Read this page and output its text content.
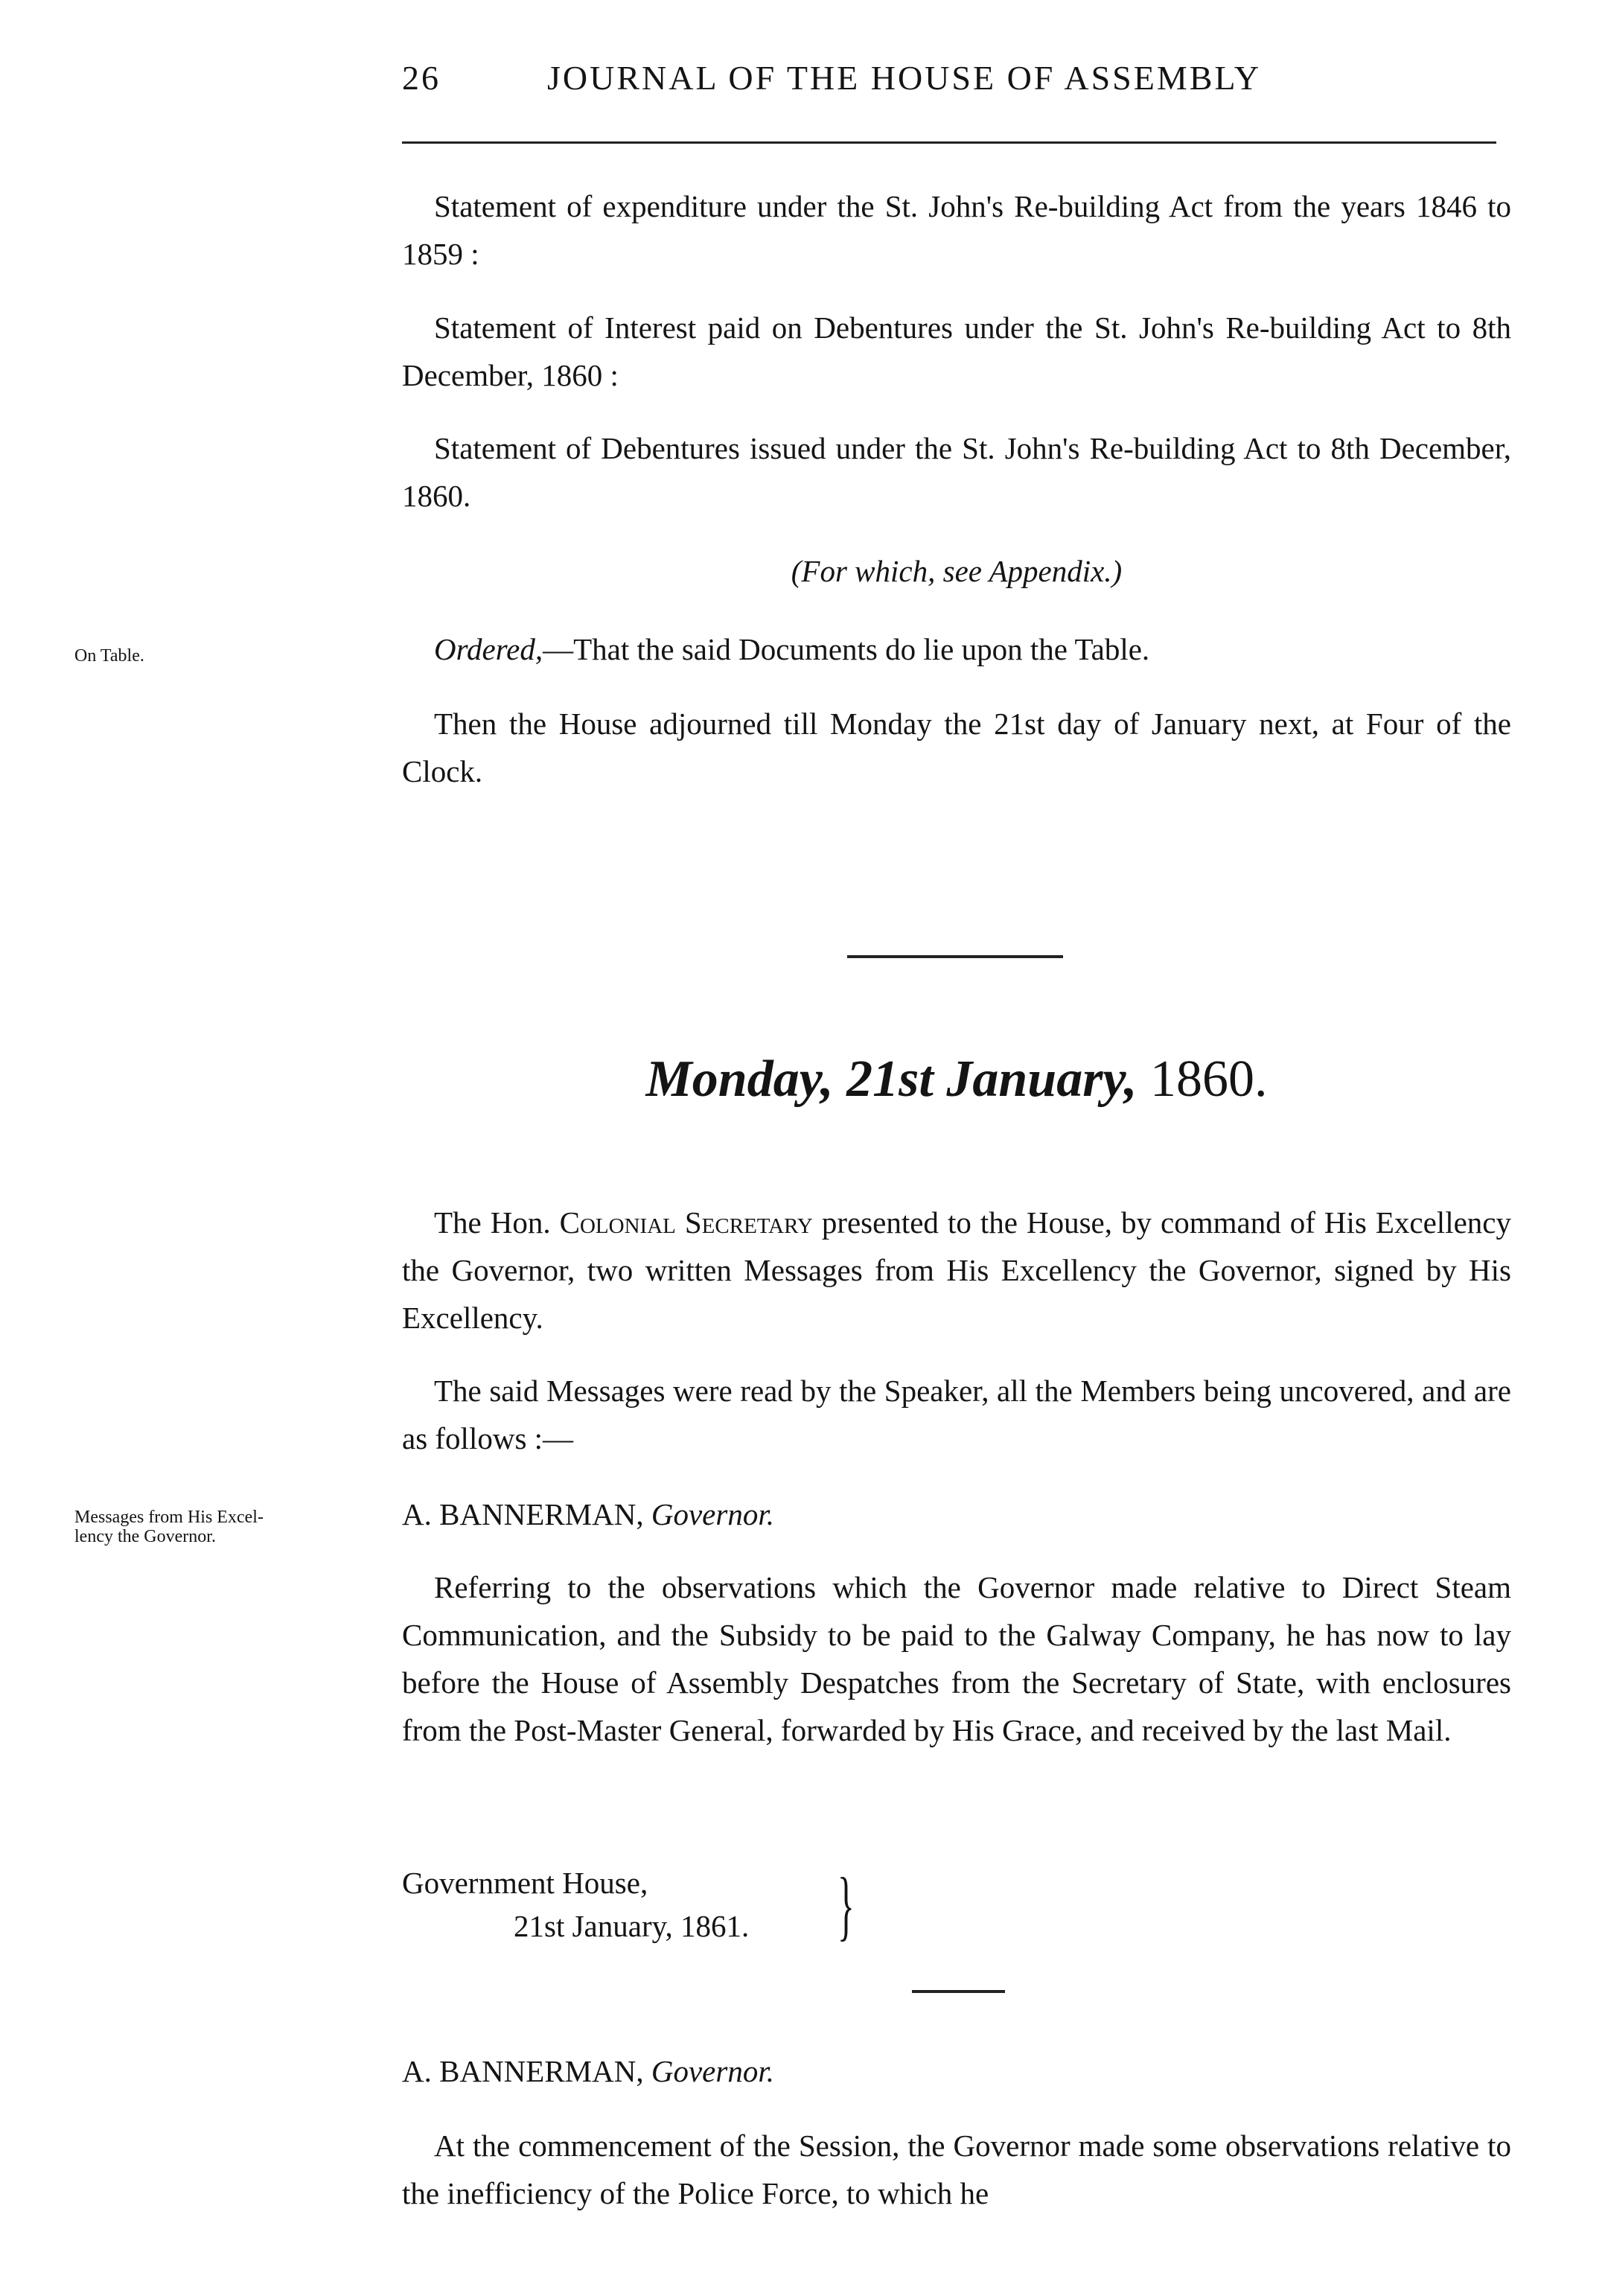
26	JOURNAL OF THE HOUSE OF ASSEMBLY

Statement of expenditure under the St. John's Re-building Act from the years 1846 to 1859 :

Statement of Interest paid on Debentures under the St. John's Re-building Act to 8th December, 1860 :

Statement of Debentures issued under the St. John's Re-building Act to 8th December, 1860.

(For which, see Appendix.)
On Table.	Ordered,—That the said Documents do lie upon the Table.

Then the House adjourned till Monday the 21st day of January next, at Four of the Clock.

Monday, 21st January, 1860.

The Hon. Colonial Secretary presented to the House, by command of His Excellency the Governor, two written Messages from His Excellency the Governor, signed by His Excellency.

The said Messages were read by the Speaker, all the Members being uncovered, and are as follows :—

Messages from His Excel-
lency the Governor.
A. BANNERMAN, Governor.

Referring to the observations which the Governor made relative to Direct Steam Communication, and the Subsidy to be paid to the Galway Company, he has now to lay before the House of Assembly Despatches from the Secretary of State, with enclosures from the Post-Master General, forwarded by His Grace, and received by the last Mail.

Government House,
21st January, 1861.	}
A. BANNERMAN, Governor.

At the commencement of the Session, the Governor made some observations relative to the inefficiency of the Police Force, to which he
